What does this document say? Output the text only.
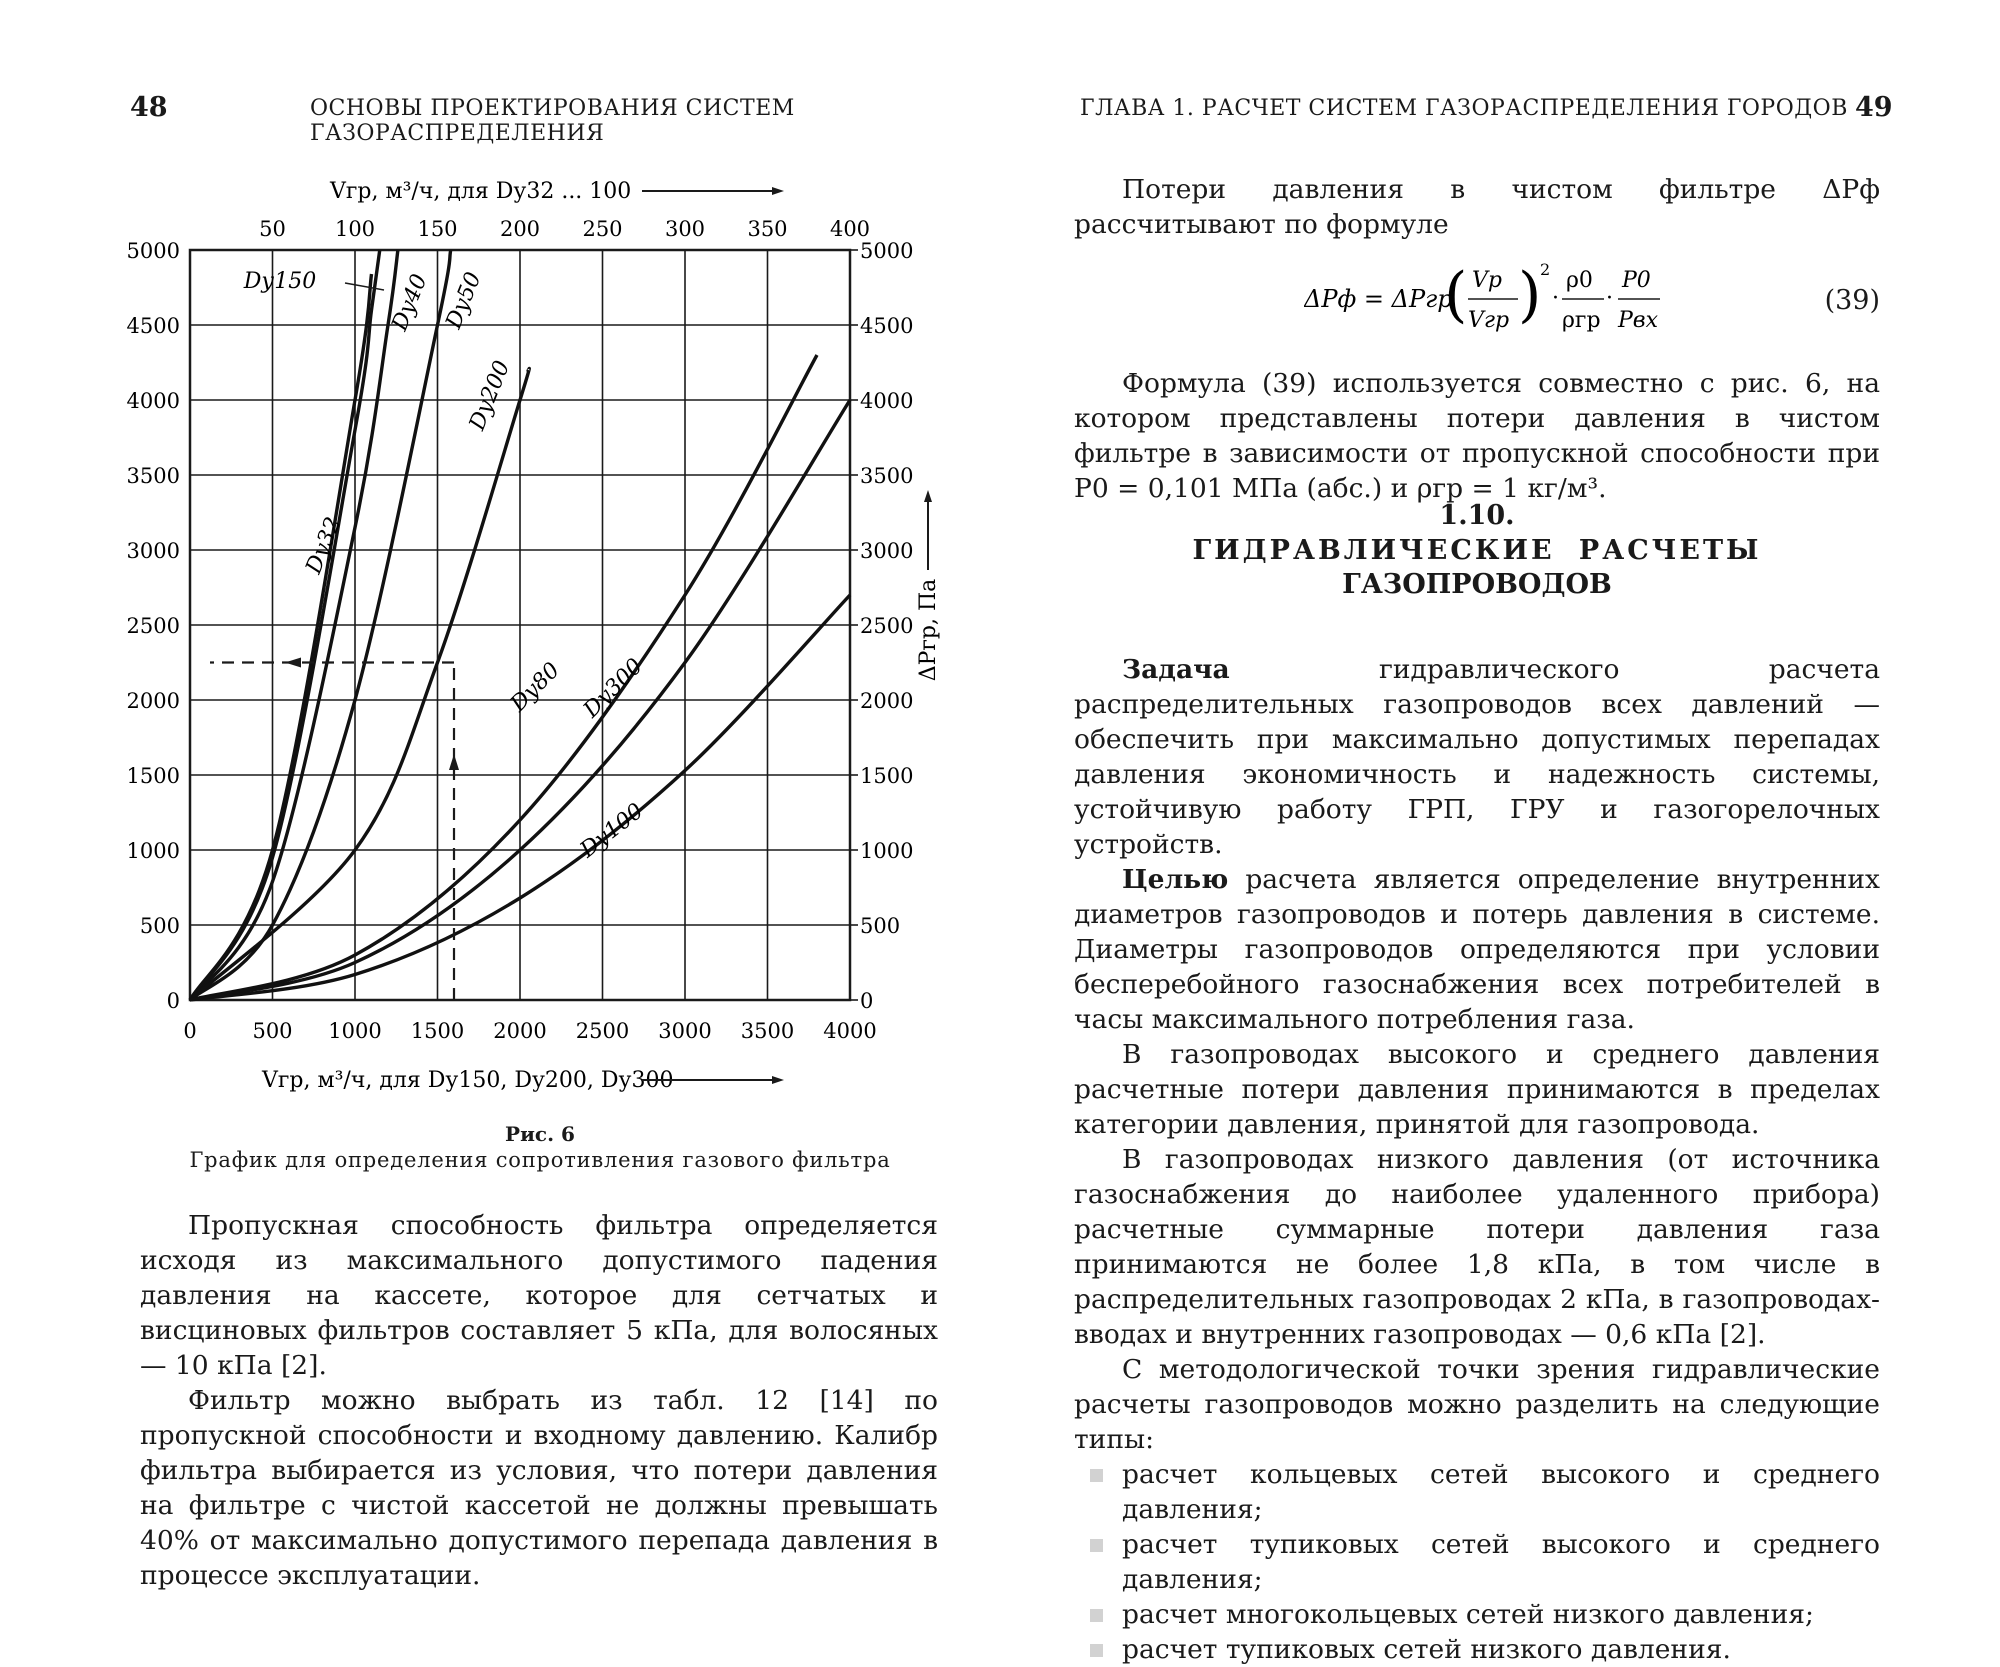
48	ОСНОВЫ ПРОЕКТИРОВАНИЯ СИСТЕМ ГАЗОРАСПРЕДЕЛЕНИЯ
Рис. 6
График для определения сопротивления газового фильтра

Пропускная способность фильтра определяется исходя из максимального допустимого падения давления на кассете, которое для сетчатых и висциновых фильтров составляет 5 кПа, для волосяных — 10 кПа [2].

Фильтр можно выбрать из табл. 12 [14] по пропускной способности и входному давлению. Калибр фильтра выбирается из условия, что потери давления на фильтре с чистой кассетой не должны превышать 40% от максимально допустимого перепада давления в процессе эксплуатации.

0
500
1000
1500
2000
2500
3000
3500
4000
4500
5000
0
500
1000
1500
2000
2500
3000
3500
4000
4500
5000
0	500 1000 1500 2000 2500 3000 3500 4000
50 100 150 200 250 300 350 400
Dу150	Dу40 Dу50
Dу32
Dу200
Dу80 Dу300
Dу100
Vгр, м³/ч, для Dу32 ... 100
Vгр, м³/ч, для Dу150, Dу200, Dу300
ΔPгр, Па
ГЛАВА 1. РАСЧЕТ СИСТЕМ ГАЗОРАСПРЕДЕЛЕНИЯ ГОРОДОВ 49

Потери давления в чистом фильтре ΔPф рассчитывают по формуле

ΔPф = ΔPгр
( Vр
Vгр )
2
·
ρ0
ρгр
·
P0
Pвх
(39)

Формула (39) используется совместно с рис. 6, на котором представлены потери давления в чистом фильтре в зависимости от пропускной способности при P0 = 0,101 МПа (абс.) и ρгр = 1 кг/м³.

1.10.
ГИДРАВЛИЧЕСКИЕ РАСЧЕТЫ
ГАЗОПРОВОДОВ

Задача гидравлического расчета распределительных газопроводов всех давлений — обеспечить при максимально допустимых перепадах давления экономичность и надежность системы, устойчивую работу ГРП, ГРУ и газогорелочных устройств.

Целью расчета является определение внутренних диаметров газопроводов и потерь давления в системе. Диаметры газопроводов определяются при условии бесперебойного газоснабжения всех потребителей в часы максимального потребления газа.

В газопроводах высокого и среднего давления расчетные потери давления принимаются в пределах категории давления, принятой для газопровода.

В газопроводах низкого давления (от источника газоснабжения до наиболее удаленного прибора) расчетные суммарные потери давления газа принимаются не более 1,8 кПа, в том числе в распределительных газопроводах 2 кПа, в газопроводах-вводах и внутренних газопроводах — 0,6 кПа [2].

С методологической точки зрения гидравлические расчеты газопроводов можно разделить на следующие типы:

расчет кольцевых сетей высокого и среднего давления;
расчет тупиковых сетей высокого и среднего давления;
расчет многокольцевых сетей низкого давления;
расчет тупиковых сетей низкого давления.
